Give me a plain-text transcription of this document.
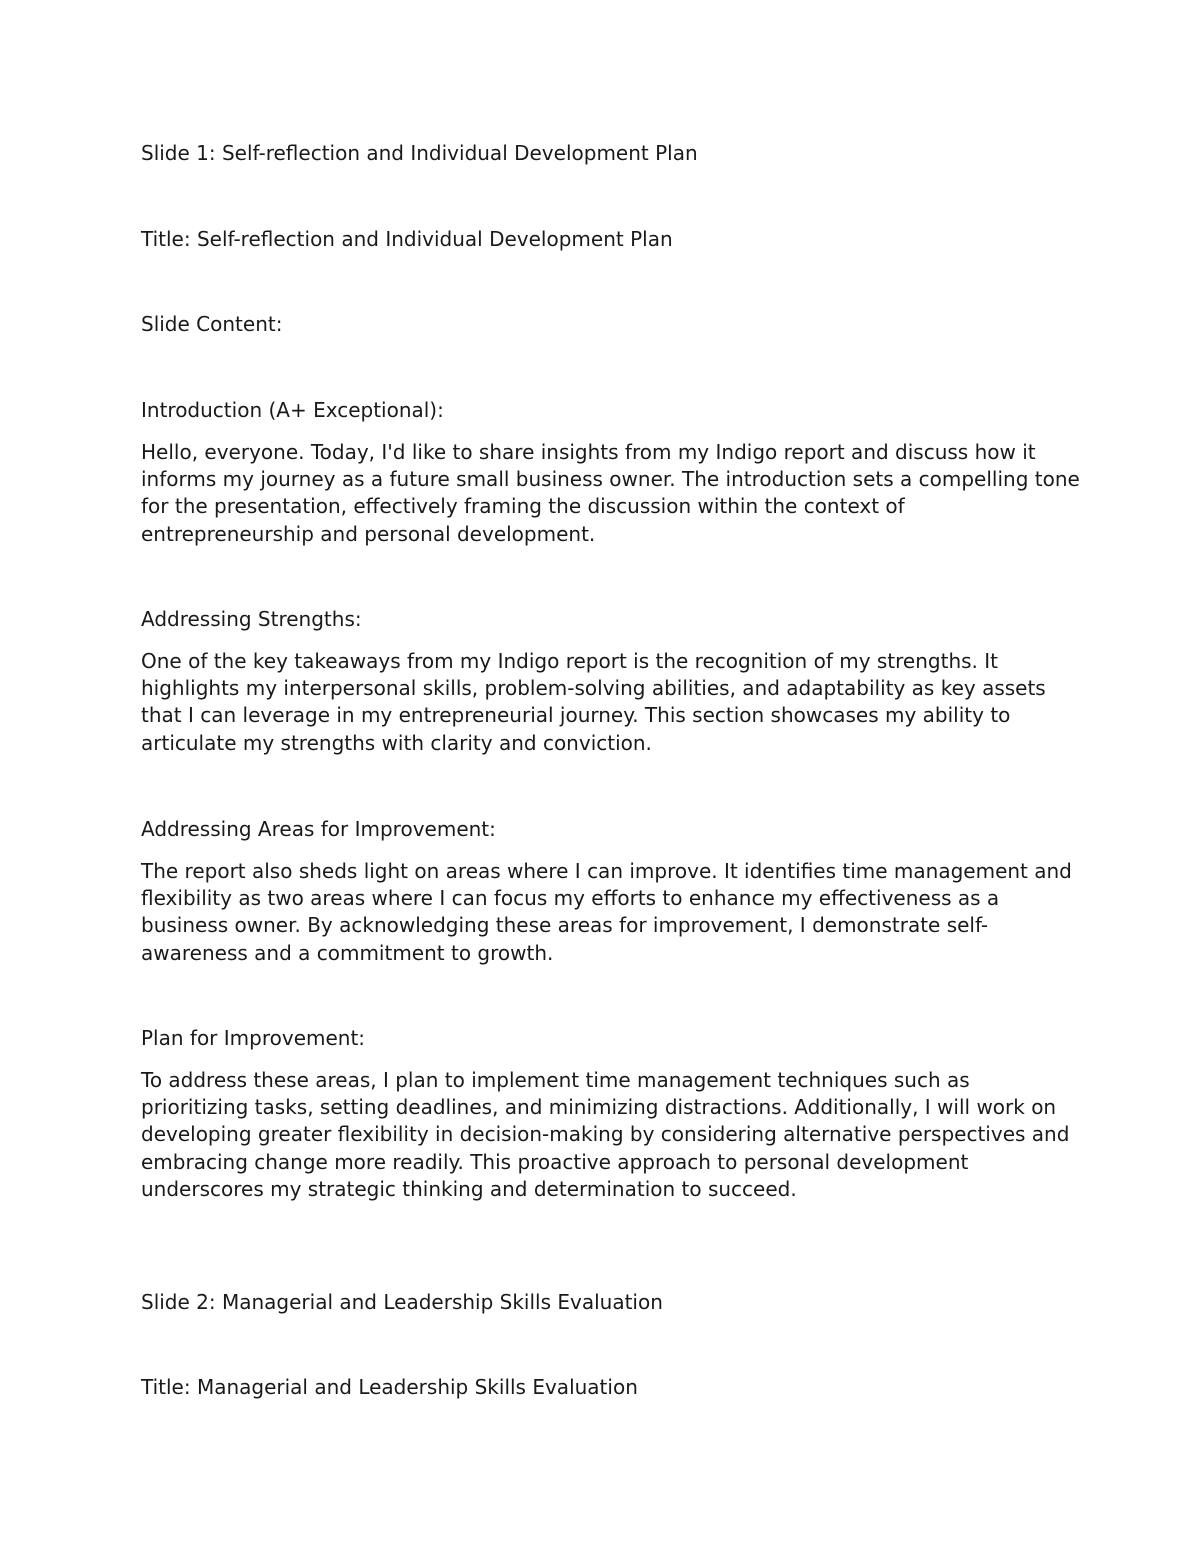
Slide 1: Self-reflection and Individual Development Plan

Title: Self-reflection and Individual Development Plan

Slide Content:

Introduction (A+ Exceptional):

Hello, everyone. Today, I'd like to share insights from my Indigo report and discuss how it informs my journey as a future small business owner. The introduction sets a compelling tone for the presentation, effectively framing the discussion within the context of entrepreneurship and personal development.

Addressing Strengths:

One of the key takeaways from my Indigo report is the recognition of my strengths. It highlights my interpersonal skills, problem-solving abilities, and adaptability as key assets that I can leverage in my entrepreneurial journey. This section showcases my ability to articulate my strengths with clarity and conviction.

Addressing Areas for Improvement:

The report also sheds light on areas where I can improve. It identifies time management and flexibility as two areas where I can focus my efforts to enhance my effectiveness as a business owner. By acknowledging these areas for improvement, I demonstrate self-awareness and a commitment to growth.

Plan for Improvement:

To address these areas, I plan to implement time management techniques such as prioritizing tasks, setting deadlines, and minimizing distractions. Additionally, I will work on developing greater flexibility in decision-making by considering alternative perspectives and embracing change more readily. This proactive approach to personal development underscores my strategic thinking and determination to succeed.

Slide 2: Managerial and Leadership Skills Evaluation

Title: Managerial and Leadership Skills Evaluation
